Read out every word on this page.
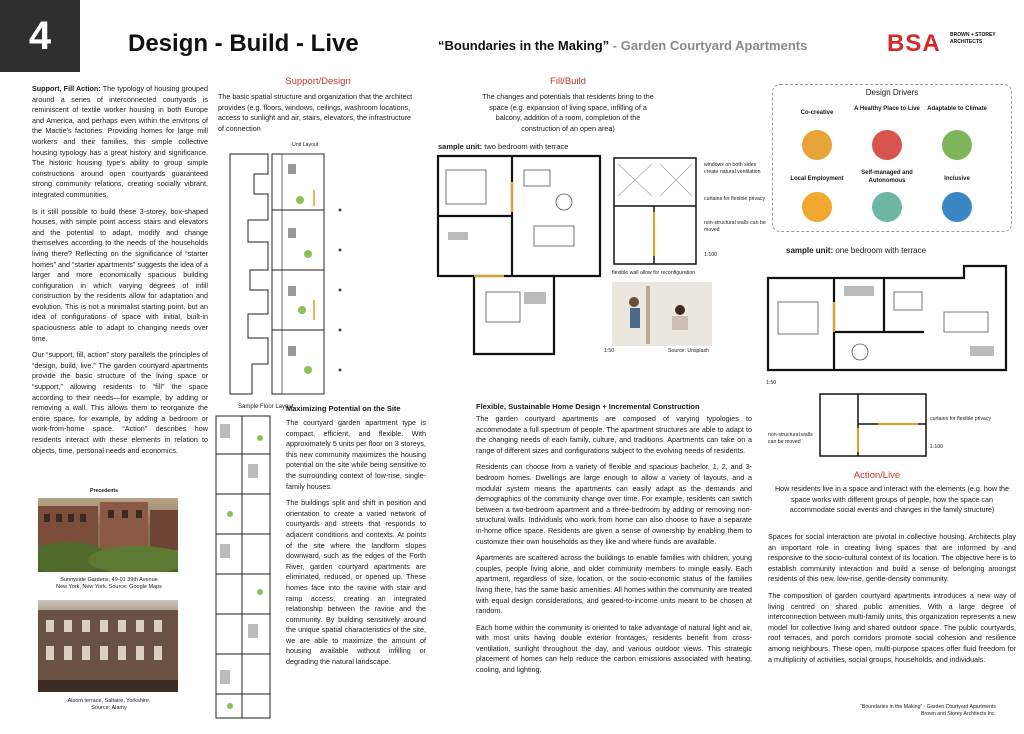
4	Design - Build - Live	“Boundaries in the Making” - Garden Courtyard Apartments	BSA BROWN + STOREY ARCHITECTS

Support, Fill Action: The typology of housing grouped around a series of interconnected courtyards is reminiscent of textile worker housing in both Europe and America, and perhaps even within the environs of the Mactie's factories. Providing homes for large mill workers and their families, this simple collective housing typology has a great history and significance. The historic housing type's ability to group simple constructions around open courtyards guaranteed strong community relations, creating socially vibrant, integrated communities.

Is it still possible to build these 3-storey, box-shaped houses, with simple point access stairs and elevators and the potential to adapt, modify and change themselves according to the needs of the households living there? Reflecting on the significance of “starter homes” and “starter apartments” suggests the idea of a larger and more economically spacious building configuration in which varying degrees of infill construction by the residents allow for adaptation and evolution. This is not a minimalist starting point, but an idea of configurations of space with initial, built-in spaciousness able to adapt to changing needs over time.

Our “support, fill, action” story parallels the principles of “design, build, live.” The garden courtyard apartments provide the basic structure of the living space or “support,” allowing residents to “fill” the space according to their needs—for example, by adding or removing a wall. This allows them to reorganize the entire space, for example, by adding a bedroom or work-from-home space. “Action” describes how residents interact with these elements in relation to objects, time, personal needs and economics.

Precedents
Sunnyside Gardens, 49-01 39th Avenue
New York, New York. Source: Google Maps
Alsom terrace, Saltaire, Yorkshire.
Source: Alamy
Support/Design
The basic spatial structure and organization that the architect provides (e.g. floors, windows, ceilings, washroom locations, access to sunlight and air, stairs, elevators, the infrastructure of connection
Unit Layout
Sample Floor Layout
Maximizing Potential on the Site

The courtyard garden apartment type is compact, efficient, and flexible. With approximately 5 units per floor on 3 storeys, this new community maximizes the housing potential on the site while being sensitive to the surrounding context of low-rise, single-family houses.

The buildings split and shift in position and orientation to create a varied network of courtyards and streets that responds to adjacent conditions and contexts. At points of the site where the landform slopes downward, such as the edges of the Forth River, garden courtyard apartments are eliminated, reduced, or opened up. These homes face into the ravine with stair and ramp access, creating an integrated relationship between the ravine and the community. By building sensitively around the unique spatial characteristics of the site, we are able to maximize the amount of housing available without infilling or degrading the natural landscape.

Fill/Build
The changes and potentials that residents bring to the space (e.g. expansion of living space, infilling of a balcony, addition of a room, completion of the construction of an open area)
sample unit: two bedroom with terrace
windows on both sides create natural ventilation
curtains for flexible privacy
non-structural walls can be moved
1:100
flexible wall allow for reconfiguration
1:50	Source: Unsplash
Flexible, Sustainable Home Design + Incremental Construction

The garden courtyard apartments are composed of varying typologies to accommodate a full spectrum of people. The apartment structures are able to adapt to the changing needs of each family, culture, and traditions. Apartments can take on a range of different sizes and configurations subject to the evolving needs of residents.

Residents can choose from a variety of flexible and spacious bachelor, 1, 2, and 3-bedroom homes. Dwellings are large enough to allow a variety of layouts, and a modular system means the apartments can easily adapt as the demands and demographics of the community change over time. For example, residents can switch between a two-bedroom apartment and a three-bedroom by adding or removing non-structural walls. Individuals who work from home can also choose to have a separate in-home office space. Residents are given a sense of ownership by enabling them to customize their own households as they like and where funds are available.

Apartments are scattered across the buildings to enable families with children, young couples, people living alone, and older community members to mingle easily. Each apartment, regardless of size, location, or the socio-economic status of the families living there, has the same basic amenities. All homes within the community are treated with equal design considerations, and geared-to-income units meant to be chosen at random.

Each home within the community is oriented to take advantage of natural light and air, with most units having double exterior frontages, residents benefit from cross-ventilation, sunlight throughout the day, and various outdoor views. This strategic placement of homes can help reduce the carbon emissions associated with heating, cooling, and lighting.

Design Drivers
Co-creative
A Healthy Place to Live	Adaptable to Climate
Local Employment
Self-managed and Autonomous	Inclusive
sample unit: one bedroom with terrace
1:50
curtains for flexible privacy
non-structural walls can be moved
1:100
Action/Live
How residents live in a space and interact with the elements (e.g. how the space works with different groups of people, how the space can accommodate social events and changes in the family structure)

Spaces for social interaction are pivotal in collective housing. Architects play an important role in creating living spaces that are informed by and responsive to the socio-cultural context of its location. The objective here is to establish community interaction and build a sense of belonging amongst residents of this new, low-rise, gentle-density community.

The composition of garden courtyard apartments introduces a new way of living centred on shared public amenities. With a large degree of interconnection between multi-family units, this organization represents a new model for collective living and shared outdoor space. The public courtyards, roof terraces, and porch corridors promote social cohesion and resilience among neighbours. These open, multi-purpose spaces offer fluid freedom for a multiplicity of activities, social groups, households, and individuals.

“Boundaries in the Making” - Garden Courtyard Apartments
Brown and Storey Architects Inc.
